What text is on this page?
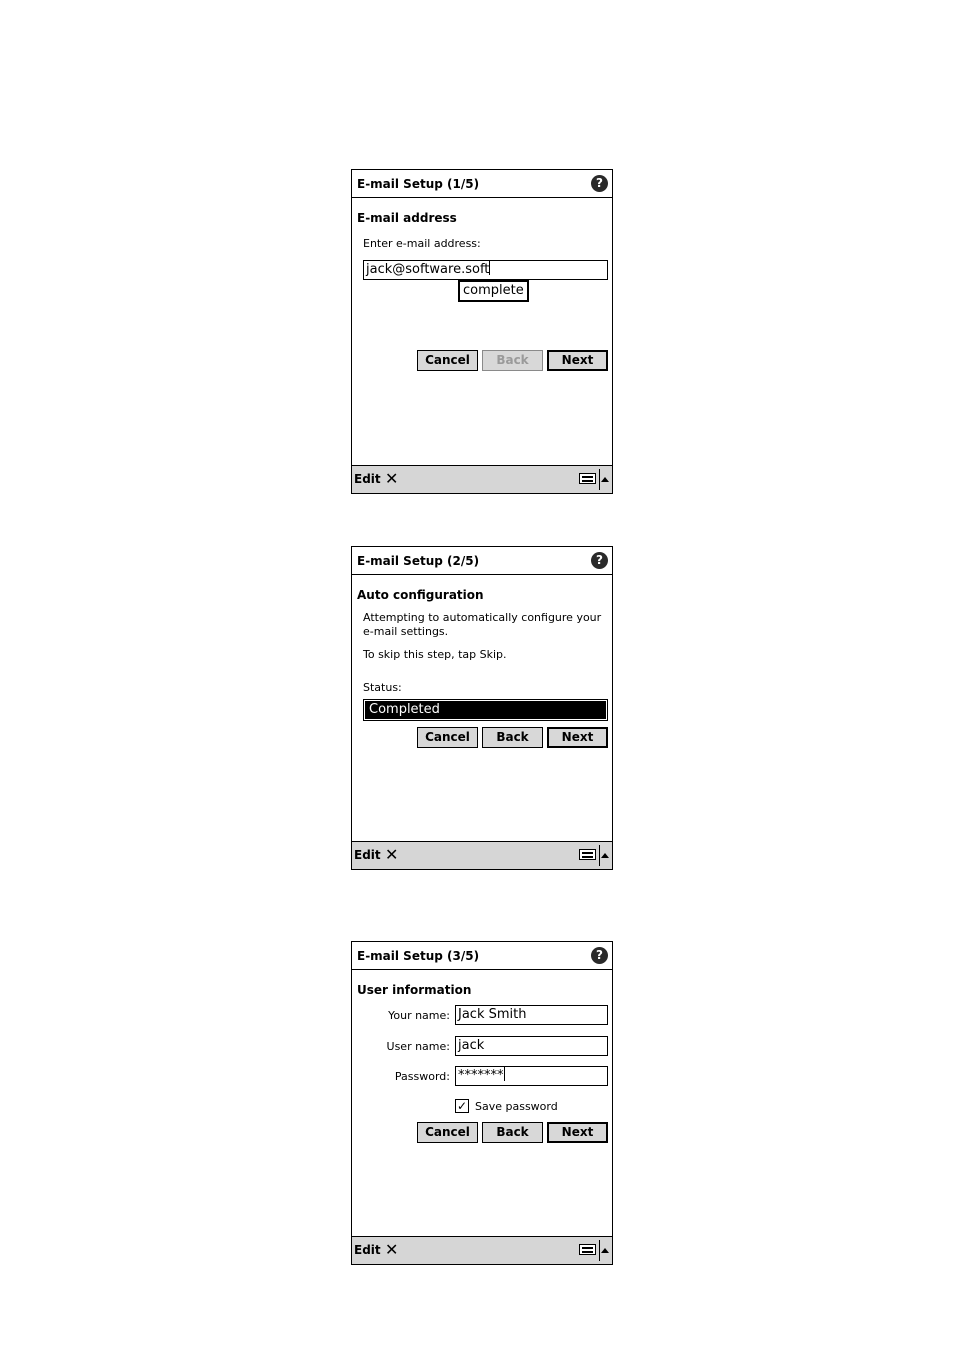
E-mail Setup (1/5)	?
E-mail address
Enter e-mail address:
jack@software.soft
complete
Cancel	Back	Next
Edit ✕
E-mail Setup (2/5)	?
Auto configuration
Attempting to automatically configure your e-mail settings.
To skip this step, tap Skip.
Status:
Completed
Cancel	Back	Next
Edit ✕
E-mail Setup (3/5)	?
User information
Your name: Jack Smith
User name: jack
Password: *******
✓ Save password
Cancel	Back	Next
Edit ✕
